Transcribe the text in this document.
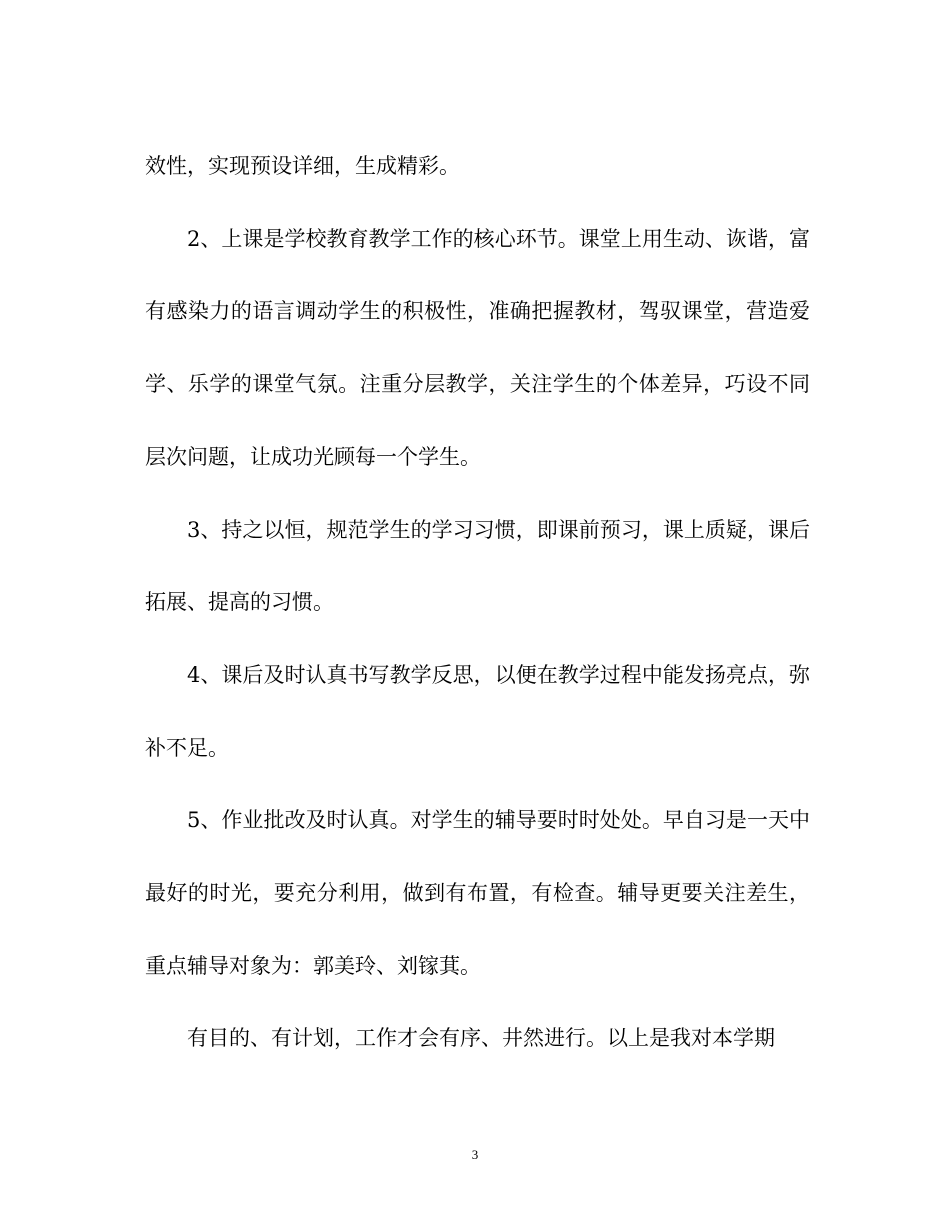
效性，实现预设详细，生成精彩。

2、上课是学校教育教学工作的核心环节。课堂上用生动、诙谐，富有感染力的语言调动学生的积极性，准确把握教材，驾驭课堂，营造爱学、乐学的课堂气氛。注重分层教学，关注学生的个体差异，巧设不同层次问题，让成功光顾每一个学生。

3、持之以恒，规范学生的学习习惯，即课前预习，课上质疑，课后拓展、提高的习惯。

4、课后及时认真书写教学反思，以便在教学过程中能发扬亮点，弥补不足。

5、作业批改及时认真。对学生的辅导要时时处处。早自习是一天中最好的时光，要充分利用，做到有布置，有检查。辅导更要关注差生，重点辅导对象为：郭美玲、刘镓萁。

有目的、有计划，工作才会有序、井然进行。以上是我对本学期

3
